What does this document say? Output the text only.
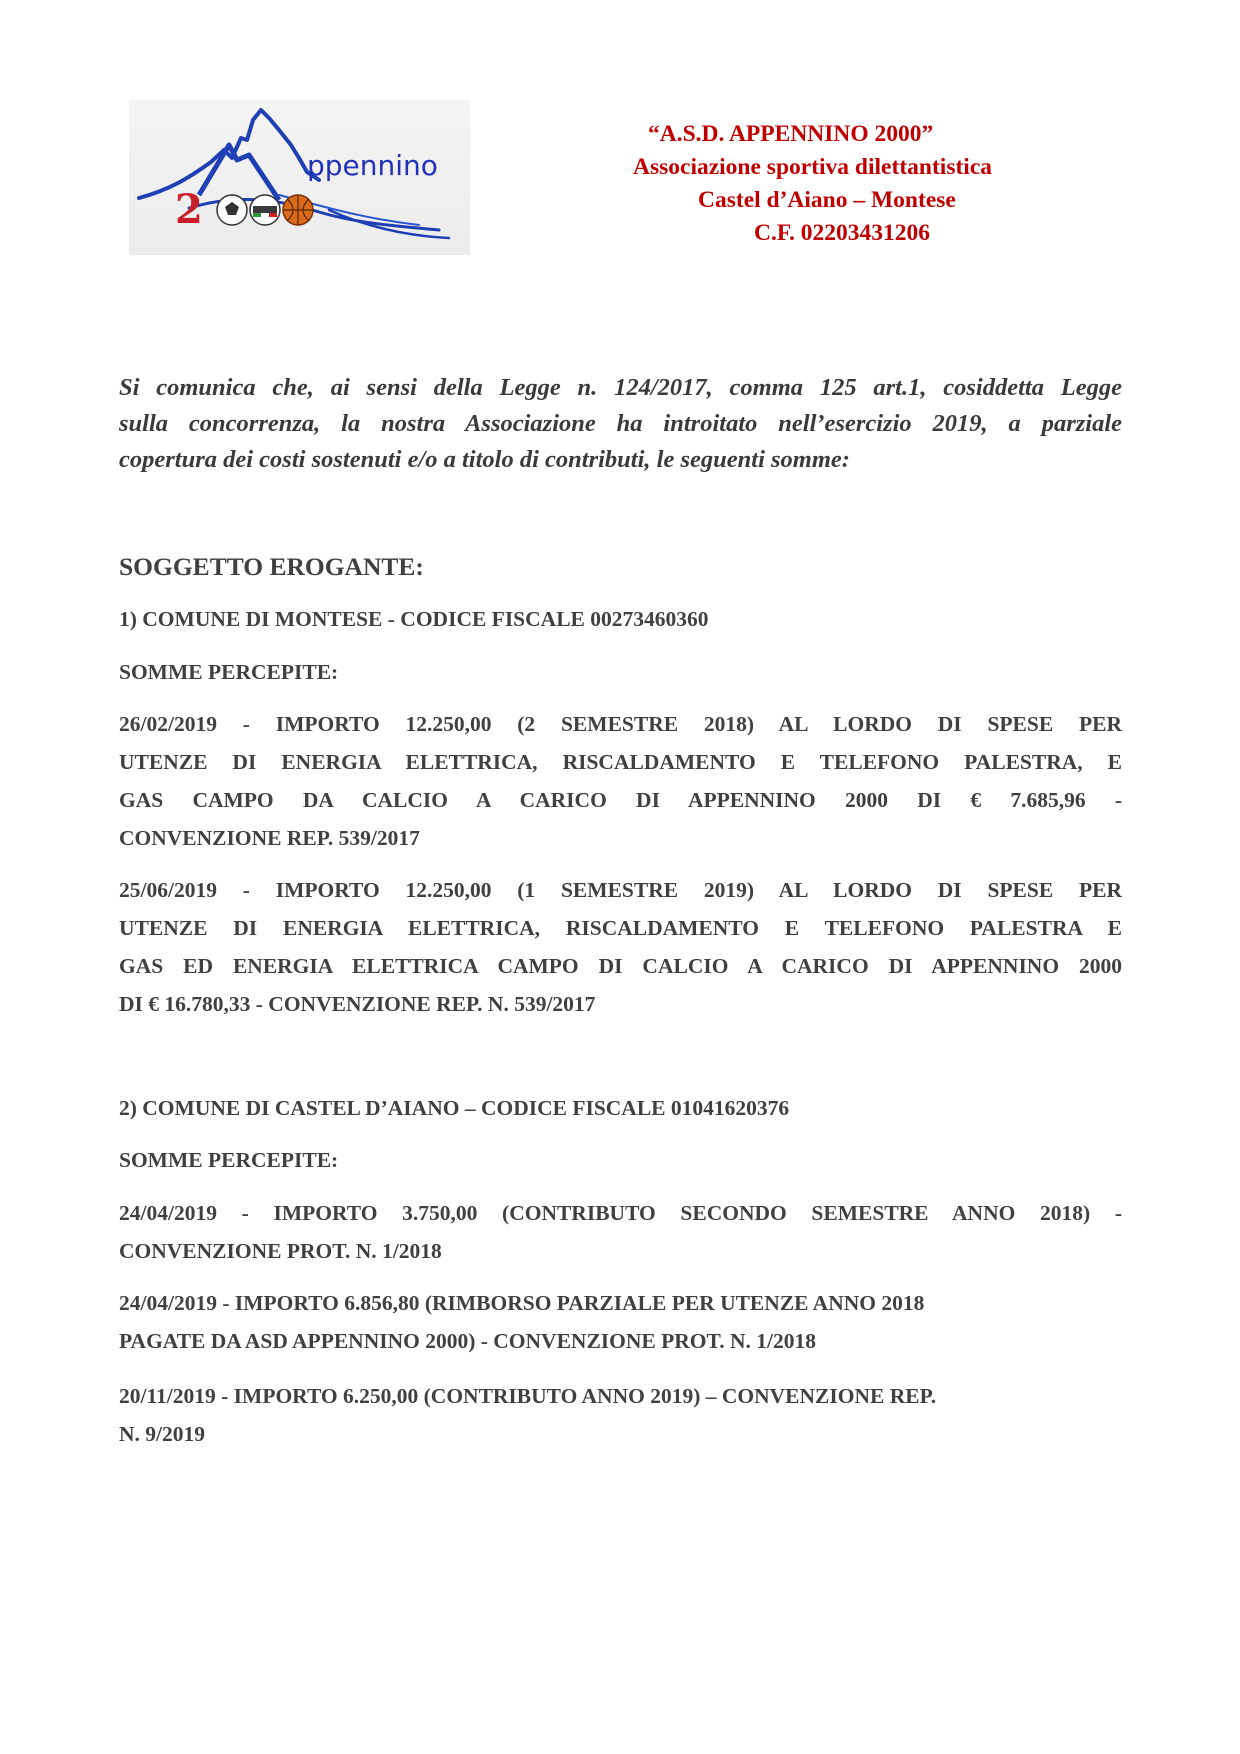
ppennino
2
“A.S.D. APPENNINO 2000”
Associazione sportiva dilettantistica
Castel d’Aiano – Montese
C.F. 02203431206
Si comunica che, ai sensi della Legge n. 124/2017, comma 125 art.1, cosiddetta Legge
sulla concorrenza, la nostra Associazione ha introitato nell’esercizio 2019, a parziale
copertura dei costi sostenuti e/o a titolo di contributi, le seguenti somme:
SOGGETTO EROGANTE:
1) COMUNE DI MONTESE - CODICE FISCALE 00273460360
SOMME PERCEPITE:
26/02/2019 - IMPORTO 12.250,00 (2 SEMESTRE 2018) AL LORDO DI SPESE PER
UTENZE DI ENERGIA ELETTRICA, RISCALDAMENTO E TELEFONO PALESTRA, E
GAS CAMPO DA CALCIO A CARICO DI APPENNINO 2000 DI € 7.685,96 -
CONVENZIONE REP. 539/2017
25/06/2019 - IMPORTO 12.250,00 (1 SEMESTRE 2019) AL LORDO DI SPESE PER
UTENZE DI ENERGIA ELETTRICA, RISCALDAMENTO E TELEFONO PALESTRA E
GAS ED ENERGIA ELETTRICA CAMPO DI CALCIO A CARICO DI APPENNINO 2000
DI € 16.780,33 - CONVENZIONE REP. N. 539/2017
2) COMUNE DI CASTEL D’AIANO – CODICE FISCALE 01041620376
SOMME PERCEPITE:
24/04/2019 - IMPORTO 3.750,00 (CONTRIBUTO SECONDO SEMESTRE ANNO 2018) -
CONVENZIONE PROT. N. 1/2018
24/04/2019 - IMPORTO 6.856,80 (RIMBORSO PARZIALE PER UTENZE ANNO 2018
PAGATE DA ASD APPENNINO 2000) - CONVENZIONE PROT. N. 1/2018
20/11/2019 - IMPORTO 6.250,00 (CONTRIBUTO ANNO 2019) – CONVENZIONE REP.
N. 9/2019
